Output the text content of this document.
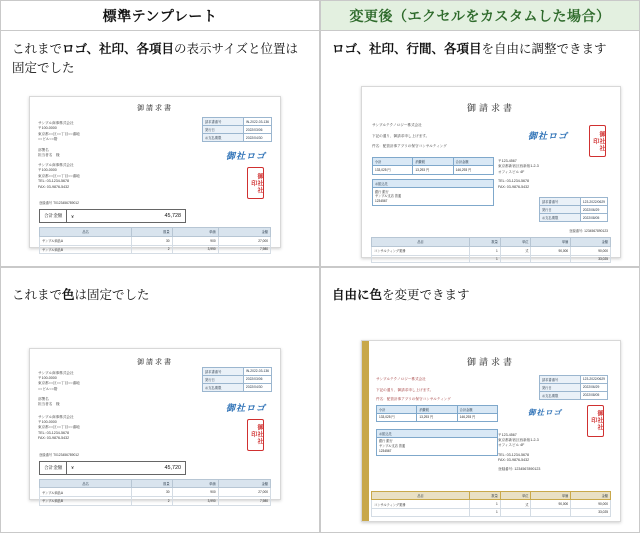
標準テンプレート
これまでロゴ、社印、各項目の表示サイズと位置は固定でした
御請求書
サンプル商事株式会社
〒100-0000
東京都○○区○○丁目○○番地
○○ビル○○階
部署名
担当者名　様
請求書番号	IN-2022-03-136
発行日	2022/03/06
お支払期限	2022/04/30
御社ロゴ
御社社印
サンプル商事株式会社
〒100-0000
東京都○○区○○丁目○○番地
TEL: 03-1234-5678
FAX: 03-9876-5432
合計金額	¥	45,728
登録番号 T0123456789012
品名	数量	単価	金額
サンプル商品A	30	900	27,000
サンプル商品B	2	3,990	7,980
変更後（エクセルをカスタムした場合）
ロゴ、社印、行間、各項目を自由に調整できます
御請求書
サンプルテクノロジー株式会社
下記の通り、御請求申し上げます。
件名：配管計事アプリの保守コンサルティング
御社ロゴ	御社社印
〒123-4567
東京都新宿区西新宿1-2-3
オフィスビル 4F
TEL: 03-1234-5678
FAX: 03-9876-5432
請求書番号	123-2022/0629
発行日	2022/06/29
お支払期限	2022/08/05
小計	消費税	合計金額
133,025 円	13,293 円	146,293 円
お振込先
銀行 銀行
サンプル支店 普通
1234567
登録番号: 1234567890123
品目	数量	単位	単価	金額
コンサルティング業務	1	式	90,000	90,000
	1			33,025
これまで色は固定でした
御請求書
サンプル商事株式会社
〒100-0000
東京都○○区○○丁目○○番地
○○ビル○○階
部署名
担当者名　様
請求書番号	IN-2022-03-136
発行日	2022/03/06
お支払期限	2022/04/30
御社ロゴ
御社社印
サンプル商事株式会社
〒100-0000
東京都○○区○○丁目○○番地
TEL: 03-1234-5678
FAX: 03-9876-5432
登録番号 T0123456789012
合計金額	¥	45,720
品名	数量	単価	金額
サンプル商品A	30	900	27,000
サンプル商品B	2	3,990	7,980
自由に色を変更できます
御請求書
サンプルテクノロジー株式会社
下記の通り、御請求申し上げます。
件名：配管計事アプリの保守コンサルティング
請求書番号	123-2022/0629
発行日	2022/06/29
お支払期限	2022/08/05
御社ロゴ	御社社印
小計	消費税	合計金額
133,025 円	13,293 円	146,293 円
お振込先
銀行 銀行
サンプル支店 普通
1234567
〒123-4567
東京都新宿区西新宿1-2-3
オフィスビル 4F
TEL: 03-1234-5678
FAX: 03-9876-5432
登録番号: 1234567890123
品目	数量	単位	単価	金額
コンサルティング業務	1	式	90,000	90,000
	1			33,025
